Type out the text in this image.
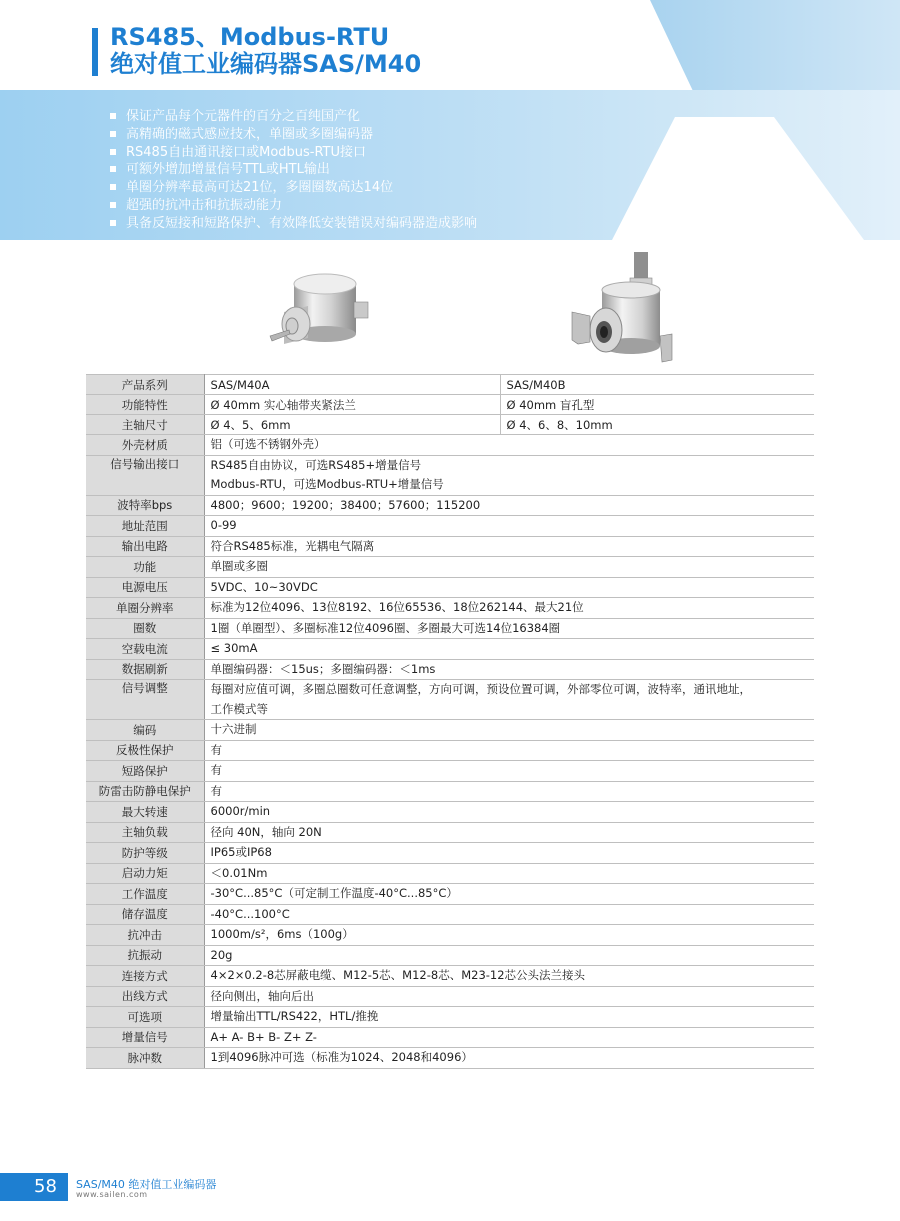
RS485、Modbus-RTU
绝对值工业编码器SAS/M40
保证产品每个元器件的百分之百纯国产化
高精确的磁式感应技术，单圈或多圈编码器
RS485自由通讯接口或Modbus-RTU接口
可额外增加增量信号TTL或HTL输出
单圈分辨率最高可达21位，多圈圈数高达14位
超强的抗冲击和抗振动能力
具备反短接和短路保护、有效降低安装错误对编码器造成影响
产品系列	SAS/M40A	SAS/M40B
功能特性	Ø 40mm 实心轴带夹紧法兰	Ø 40mm 盲孔型
主轴尺寸	Ø 4、5、6mm	Ø 4、6、8、10mm
外壳材质	铝（可选不锈钢外壳）	

信号输出接口	RS485自由协议，可选RS485+增量信号
Modbus-RTU，可选Modbus-RTU+增量信号	

波特率bps	4800；9600；19200；38400；57600；115200	

地址范围	0-99	

输出电路	符合RS485标准，光耦电气隔离	

功能	单圈或多圈	

电源电压	5VDC、10~30VDC	

单圈分辨率	标准为12位4096、13位8192、16位65536、18位262144、最大21位	

圈数	1圈（单圈型）、多圈标准12位4096圈、多圈最大可选14位16384圈	

空载电流	≤ 30mA	

数据刷新	单圈编码器：＜15us；多圈编码器：＜1ms	

信号调整	每圈对应值可调，多圈总圈数可任意调整，方向可调，预设位置可调，外部零位可调，波特率，通讯地址，
工作模式等	

编码	十六进制	

反极性保护	有	

短路保护	有	

防雷击防静电保护	有	

最大转速	6000r/min	

主轴负载	径向 40N，轴向 20N	

防护等级	IP65或IP68	

启动力矩	＜0.01Nm	

工作温度	-30°C...85°C（可定制工作温度-40°C...85°C）	

储存温度	-40°C...100°C	

抗冲击	1000m/s²，6ms（100g）	

抗振动	20g	

连接方式	4×2×0.2-8芯屏蔽电缆、M12-5芯、M12-8芯、M23-12芯公头法兰接头	

出线方式	径向侧出，轴向后出	

可选项	增量输出TTL/RS422，HTL/推挽	

增量信号	A+ A- B+ B- Z+ Z-	

脉冲数	1到4096脉冲可选（标准为1024、2048和4096）	
58 SAS/M40 绝对值工业编码器
www.sailen.com
